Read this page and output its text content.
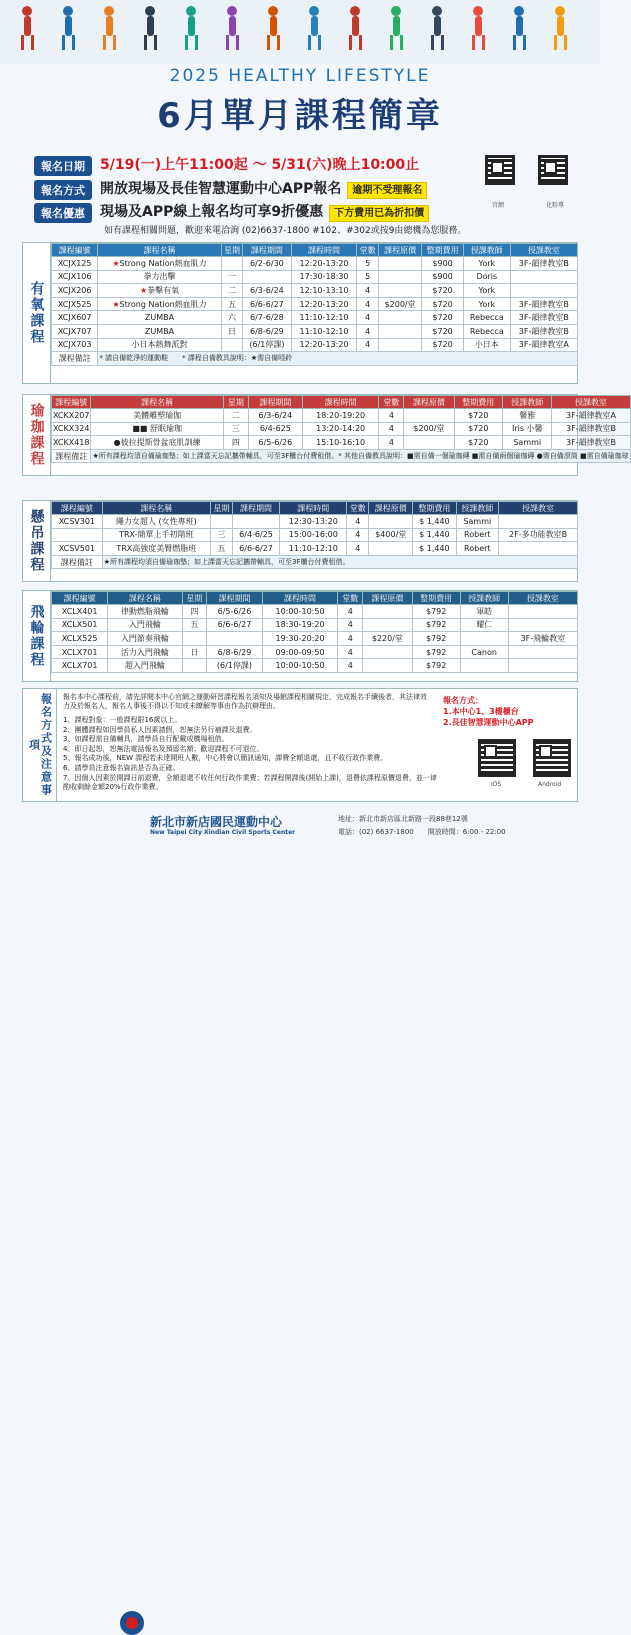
2025 HEALTHY LIFESTYLE
6月單月課程簡章
報名日期 5/19(一)上午11:00起 ～ 5/31(六)晚上10:00止
報名方式 開放現場及長佳智慧運動中心APP報名 逾期不受理報名
報名優惠 現場及APP線上報名均可享9折優惠 下方費用已為折扣價
如有課程相關問題，歡迎來電洽詢 (02)6637-1800 #102、#302或按9由總機為您服務。
官網	化粉專
有氧課程
課程編號	課程名稱	星期	課程期間	課程時間	堂數	課程原價	整期費用	授課教師	授課教室
XCJX125	★Strong Nation熱血肌力		6/2-6/30	12:20-13:20	5		$900	York	3F-韻律教室B
XCJX106	拳力出擊	一		17:30-18:30	5		$900	Doris	
XCJX206	★拳擊有氧	二	6/3-6/24	12:10-13:10	4		$720	York	
XCJX525	★Strong Nation熱血肌力	五	6/6-6/27	12:20-13:20	4	$200/堂	$720	York	3F-韻律教室B
XCJX607	ZUMBA	六	6/7-6/28	11:10-12:10	4		$720	Rebecca	3F-韻律教室B
XCJX707	ZUMBA	日	6/8-6/29	11:10-12:10	4		$720	Rebecca	3F-韻律教室B
XCJX703	小日本熱舞派對		(6/1停課)	12:20-13:20	4		$720	小日本	3F-韻律教室A
課程備註	* 請自備乾淨的運動鞋　　* 課程自備教具說明：★需自備啞鈴								
瑜珈課程
課程編號	課程名稱	星期	課程期間	課程時間	堂數	課程原價	整期費用	授課教師	授課教室
XCKX207	美體雕塑瑜伽	二	6/3-6/24	18:20-19:20	4		$720	馨雅	3F-韻律教室A
XCKX324	■■ 舒眠瑜珈	三	6/4-625	13:20-14:20	4	$200/堂	$720	Iris 小馨	3F-韻律教室B
XCKX418	●彼拉提斯骨盆底肌訓練	四	6/5-6/26	15:10-16:10	4		$720	Sammi	3F-韻律教室B
課程備註	★所有課程均須自備瑜珈墊；如上課當天忘記攜帶輔具，可至3F櫃台付費租借。* 其他自備教具說明：■需自備一個瑜珈磚 ■需自備兩個瑜珈磚 ●需自備滾筒 ■需自備瑜珈球								
懸吊課程
課程編號	課程名稱	星期	課程期間	課程時間	堂數	課程原價	整期費用	授課教師	授課教室
XCSV301	繩力女超人 (女性專班)			12:30-13:20	4		$ 1,440	Sammi	
	TRX-簡單上手初階班	三	6/4-6/25	15:00-16:00	4	$400/堂	$ 1,440	Robert	2F-多功能教室B
XCSV501	TRX高強度美臀燃脂班	五	6/6-6/27	11:10-12:10	4		$ 1,440	Robert	
課程備註	★所有課程均須自備瑜珈墊；如上課當天忘記攜帶輔具，可至3F櫃台付費租借。								
飛輪課程
課程編號	課程名稱	星期	課程期間	課程時間	堂數	課程原價	整期費用	授課教師	授課教室
XCLX401	律動燃脂飛輪	四	6/5-6/26	10:00-10:50	4		$792	軍皓	
XCLX501	入門飛輪	五	6/6-6/27	18:30-19:20	4		$792	耀仁	
XCLX525	入門節奏飛輪			19:30-20:20	4	$220/堂	$792		3F-飛輪教室
XCLX701	活力入門飛輪	日	6/8-6/29	09:00-09:50	4		$792	Canon	
XCLX701	超入門飛輪		(6/1停課)	10:00-10:50	4		$792		
報名方式及注意事項
報名本中心課程前，請先詳閱本中心官網之運動研習課程報名須知及場館課程相關規定，完成報名手續後者，其法律效力及於報名人，報名人事後不得以不知或未瞭解等事由作為抗辯理由。
1、課程對象：一般課程限16歲以上。
2、團體課程如因學員私人因素請假，恕無法另行補課及退費。
3、如課程需自備輔具，請學員自行配戴或機場租借。
4、即日起恕，恕無法電話報名及預留名額；歡迎課程不可退位。
5、報名成功後，NEW 課程若未達開班人數，中心將會以簡訊通知，課費全額退還，且不收行政作業費。
6、請學員注意報名資訊是否為正確。
7、因個人因素於開課日前退費，全額退還不收任何行政作業費；若課程開課後(開始上課)，退費依課程原價退費，並一律酌收剩餘金額20%行政作業費。
報名方式：
1.本中心1、3樓櫃台
2.長佳智慧運動中心APP
iOS	Android
新北市新店國民運動中心
New Taipei City Xindian Civil Sports Center
地址：新北市新店區北新路一段88巷12號
電話：(02) 6637-1800　　開放時間：6:00 - 22:00
